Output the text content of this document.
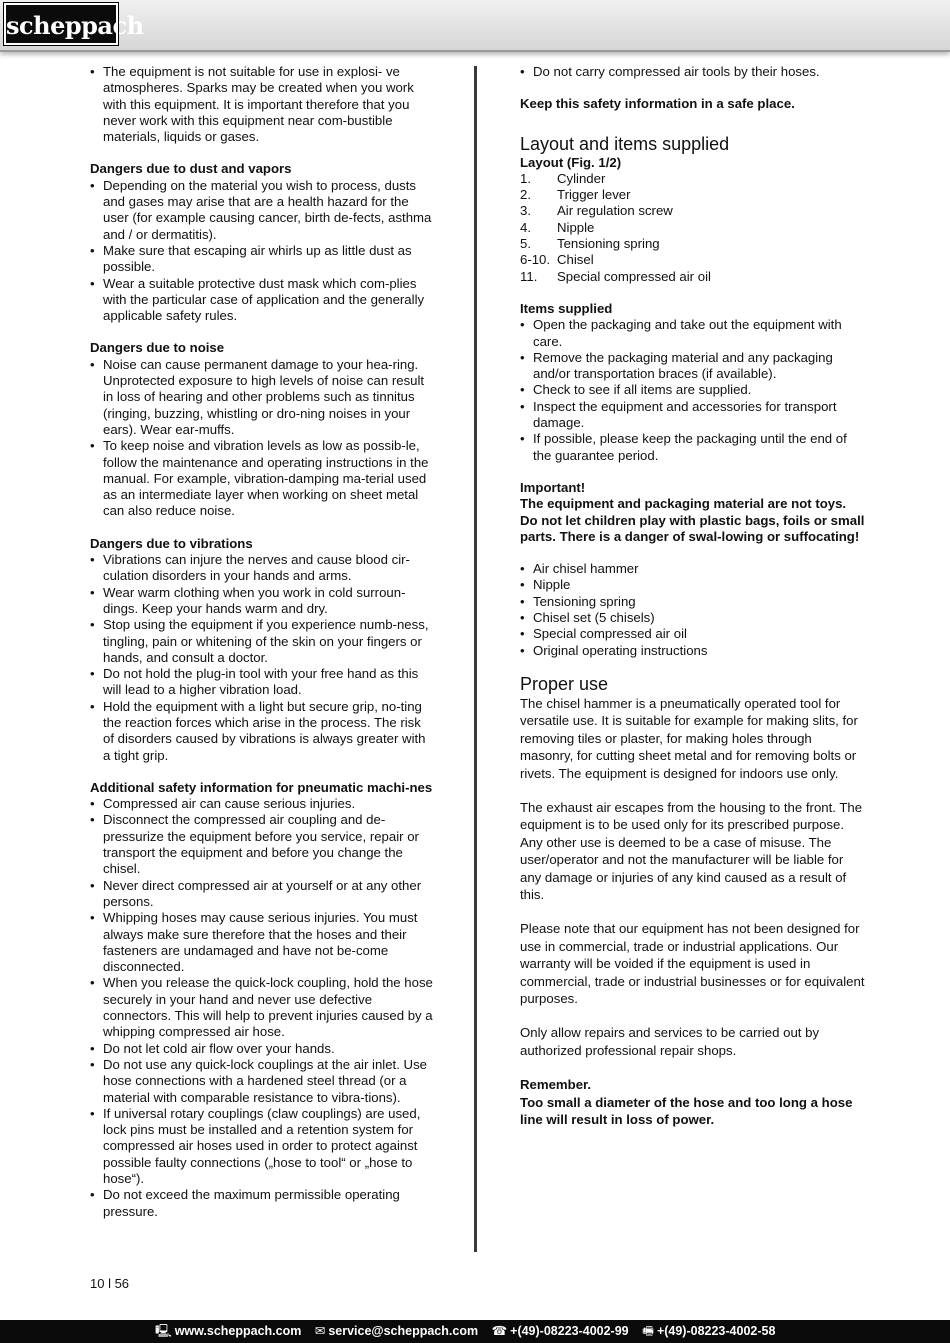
scheppach
• The equipment is not suitable for use in explosi- ve atmospheres. Sparks may be created when you work with this equipment. It is important therefore that you never work with this equipment near com-bustible materials, liquids or gases.
Dangers due to dust and vapors
• Depending on the material you wish to process, dusts and gases may arise that are a health hazard for the user (for example causing cancer, birth de-fects, asthma and / or dermatitis).
• Make sure that escaping air whirls up as little dust as possible.
• Wear a suitable protective dust mask which com-plies with the particular case of application and the generally applicable safety rules.
Dangers due to noise
• Noise can cause permanent damage to your hea-ring. Unprotected exposure to high levels of noise can result in loss of hearing and other problems such as tinnitus (ringing, buzzing, whistling or dro-ning noises in your ears). Wear ear-muffs.
• To keep noise and vibration levels as low as possib-le, follow the maintenance and operating instructions in the manual. For example, vibration-damping ma-terial used as an intermediate layer when working on sheet metal can also reduce noise.
Dangers due to vibrations
• Vibrations can injure the nerves and cause blood cir-culation disorders in your hands and arms.
• Wear warm clothing when you work in cold surroun-dings. Keep your hands warm and dry.
• Stop using the equipment if you experience numb-ness, tingling, pain or whitening of the skin on your fingers or hands, and consult a doctor.
• Do not hold the plug-in tool with your free hand as this will lead to a higher vibration load.
• Hold the equipment with a light but secure grip, no-ting the reaction forces which arise in the process. The risk of disorders caused by vibrations is always greater with a tight grip.
Additional safety information for pneumatic machi-nes
• Compressed air can cause serious injuries.
• Disconnect the compressed air coupling and de-pressurize the equipment before you service, repair or transport the equipment and before you change the chisel.
• Never direct compressed air at yourself or at any other persons.
• Whipping hoses may cause serious injuries. You must always make sure therefore that the hoses and their fasteners are undamaged and have not be-come disconnected.
• When you release the quick-lock coupling, hold the hose securely in your hand and never use defective connectors. This will help to prevent injuries caused by a whipping compressed air hose.
• Do not let cold air flow over your hands.
• Do not use any quick-lock couplings at the air inlet. Use hose connections with a hardened steel thread (or a material with comparable resistance to vibra-tions).
• If universal rotary couplings (claw couplings) are used, lock pins must be installed and a retention system for compressed air hoses used in order to protect against possible faulty connections („hose to tool“ or „hose to hose“).
• Do not exceed the maximum permissible operating pressure.
• Do not carry compressed air tools by their hoses.
Keep this safety information in a safe place.
Layout and items supplied
Layout (Fig. 1/2)
1. Cylinder
2. Trigger lever
3. Air regulation screw
4. Nipple
5. Tensioning spring
6-10. Chisel
11. Special compressed air oil
Items supplied
• Open the packaging and take out the equipment with care.
• Remove the packaging material and any packaging and/or transportation braces (if available).
• Check to see if all items are supplied.
• Inspect the equipment and accessories for transport damage.
• If possible, please keep the packaging until the end of the guarantee period.
Important!
The equipment and packaging material are not toys. Do not let children play with plastic bags, foils or small parts. There is a danger of swal-lowing or suffocating!
• Air chisel hammer
• Nipple
• Tensioning spring
• Chisel set (5 chisels)
• Special compressed air oil
• Original operating instructions
Proper use
The chisel hammer is a pneumatically operated tool for versatile use. It is suitable for example for making slits, for removing tiles or plaster, for making holes through masonry, for cutting sheet metal and for removing bolts or rivets. The equipment is designed for indoors use only.
The exhaust air escapes from the housing to the front. The equipment is to be used only for its prescribed purpose. Any other use is deemed to be a case of misuse. The user/operator and not the manufacturer will be liable for any damage or injuries of any kind caused as a result of this.
Please note that our equipment has not been designed for use in commercial, trade or industrial applications. Our warranty will be voided if the equipment is used in commercial, trade or industrial businesses or for equivalent purposes.
Only allow repairs and services to be carried out by authorized professional repair shops.
Remember.
Too small a diameter of the hose and too long a hose line will result in loss of power.
10 l 56
🖳 www.scheppach.com ✉ service@scheppach.com ☎ +(49)-08223-4002-99 🖷 +(49)-08223-4002-58
